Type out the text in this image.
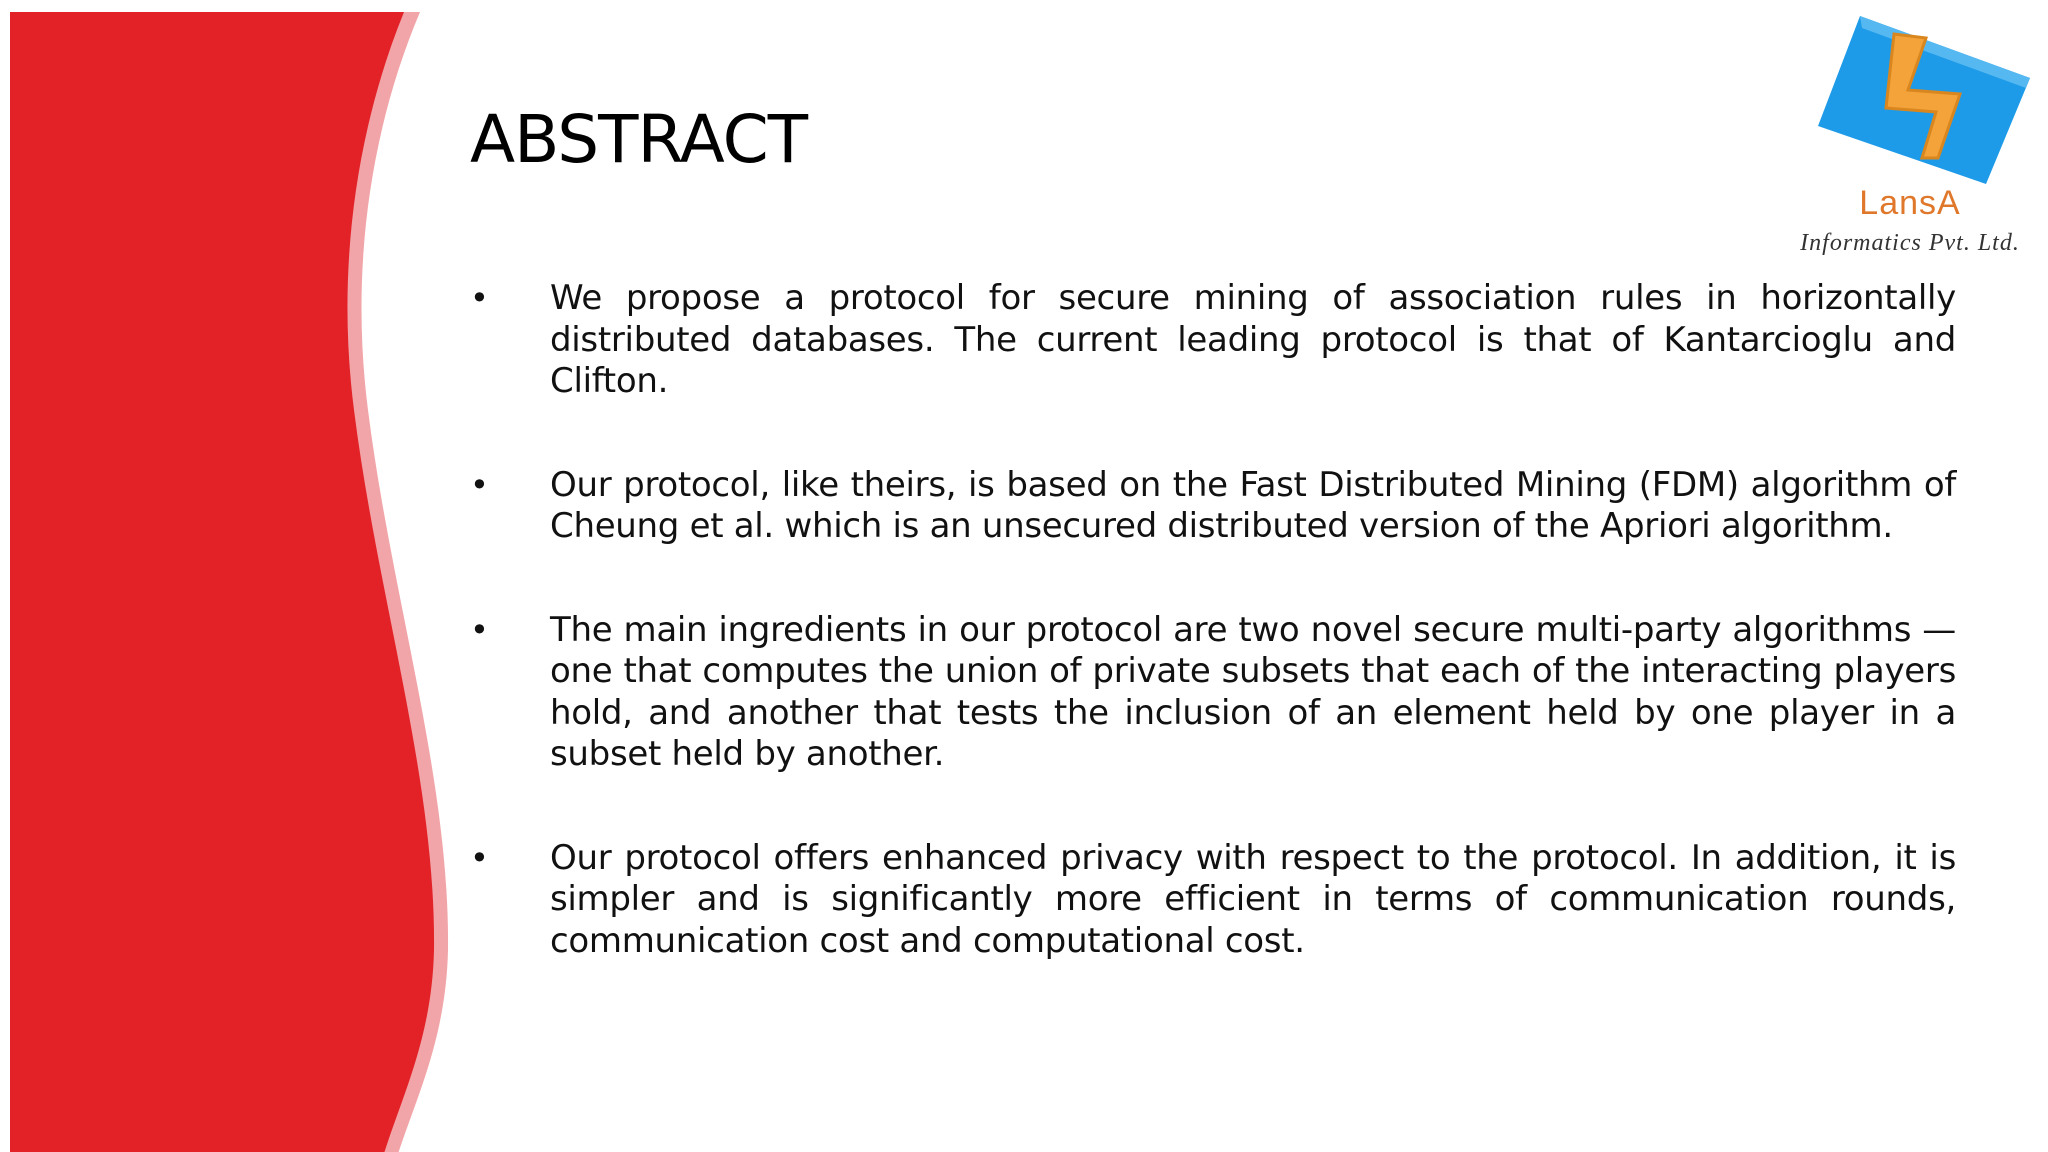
LansA
Informatics Pvt. Ltd.
ABSTRACT
• We propose a protocol for secure mining of association rules in horizontally distributed databases. The current leading protocol is that of Kantarcioglu and Clifton.
• Our protocol, like theirs, is based on the Fast Distributed Mining (FDM) algorithm of Cheung et al. which is an unsecured distributed version of the Apriori algorithm.
• The main ingredients in our protocol are two novel secure multi-party algorithms — one that computes the union of private subsets that each of the interacting players hold, and another that tests the inclusion of an element held by one player in a subset held by another.
• Our protocol offers enhanced privacy with respect to the protocol. In addition, it is simpler and is significantly more efficient in terms of communication rounds, communication cost and computational cost.
